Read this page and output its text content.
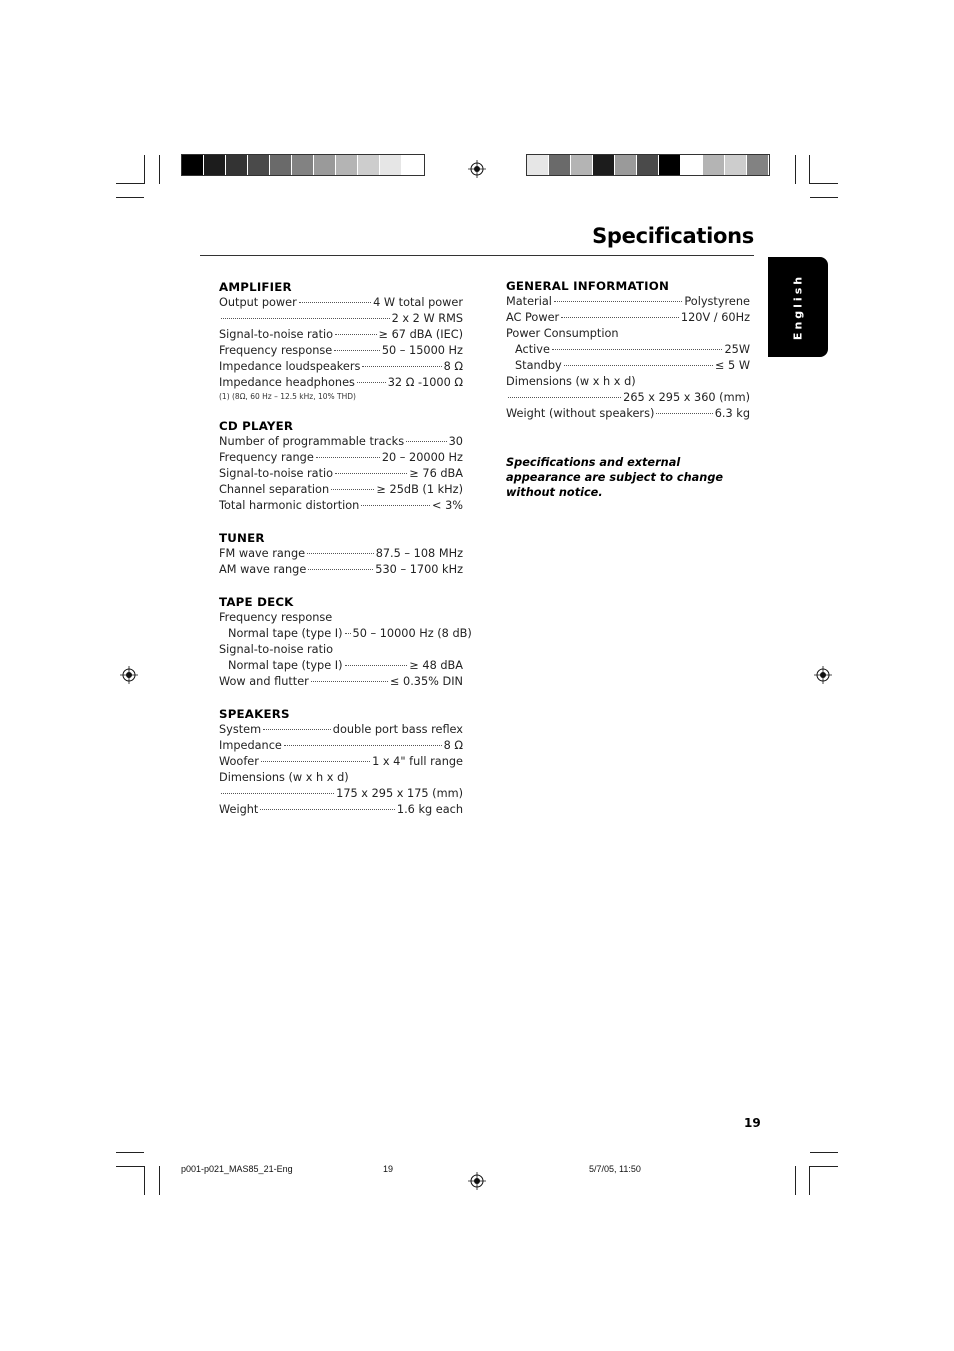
Specifications
English
AMPLIFIER
Output power	4 W total power
2 x 2 W RMS
Signal-to-noise ratio	≥ 67 dBA (IEC)
Frequency response	50 – 15000 Hz
Impedance loudspeakers	8 Ω
Impedance headphones	32 Ω -1000 Ω
(1) (8Ω, 60 Hz – 12.5 kHz, 10% THD)
CD PLAYER
Number of programmable tracks	30
Frequency range	20 – 20000 Hz
Signal-to-noise ratio	≥ 76 dBA
Channel separation	≥ 25dB (1 kHz)
Total harmonic distortion	< 3%
TUNER
FM wave range	87.5 – 108 MHz
AM wave range	530 – 1700 kHz
TAPE DECK
Frequency response
Normal tape (type I) 50 – 10000 Hz (8 dB)
Signal-to-noise ratio
Normal tape (type I)	≥ 48 dBA
Wow and flutter	≤ 0.35% DIN
SPEAKERS
System	double port bass reflex
Impedance	8 Ω
Woofer	1 x 4" full range
Dimensions (w x h x d)
175 x 295 x 175 (mm)
Weight	1.6 kg each
GENERAL INFORMATION
Material	Polystyrene
AC Power	120V / 60Hz
Power Consumption
Active	25W
Standby	≤ 5 W
Dimensions (w x h x d)
265 x 295 x 360 (mm)
Weight (without speakers)	6.3 kg
Specifications and external appearance are subject to change without notice.
19
p001-p021_MAS85_21-Eng	19	5/7/05, 11:50
